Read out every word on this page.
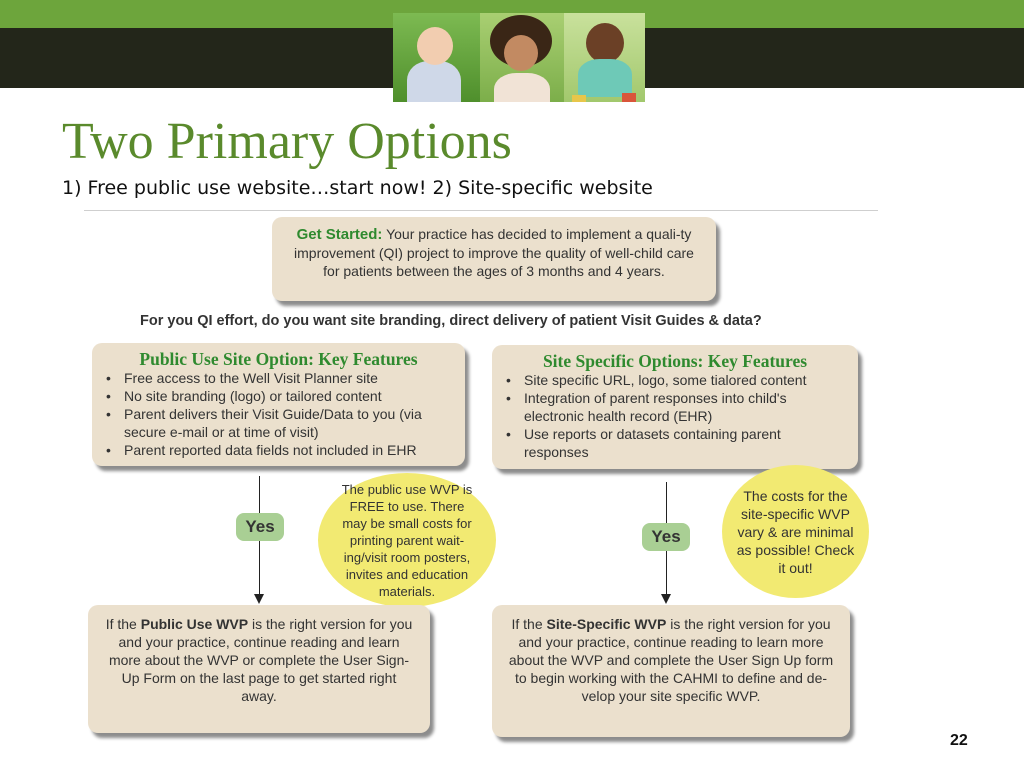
Two Primary Options
1) Free public use website…start now! 2) Site-specific website
Get Started: Your practice has decided to implement a quali-ty improvement (QI) project to improve the quality of well-child care for patients between the ages of 3 months and 4 years.
For you QI effort, do you want site branding, direct delivery of patient Visit Guides & data?
Public Use Site Option: Key Features
• Free access to the Well Visit Planner site
• No site branding (logo) or tailored content
• Parent delivers their Visit Guide/Data to you (via secure e-mail or at time of visit)
• Parent reported data fields not included in EHR
Site Specific Options: Key Features
• Site specific URL, logo, some tialored content
• Integration of parent responses into child's electronic health record (EHR)
• Use reports or datasets containing parent responses
Yes
Yes
The public use WVP is FREE to use. There may be small costs for printing parent wait-ing/visit room posters, invites and education materials.
The costs for the site-specific WVP vary & are minimal as possible! Check it out!
If the Public Use WVP is the right version for you and your practice, continue reading and learn more about the WVP or complete the User Sign-Up Form on the last page to get started right away.
If the Site-Specific WVP is the right version for you and your practice, continue reading to learn more about the WVP and complete the User Sign Up form to begin working with the CAHMI to define and de-velop your site specific WVP.
22
